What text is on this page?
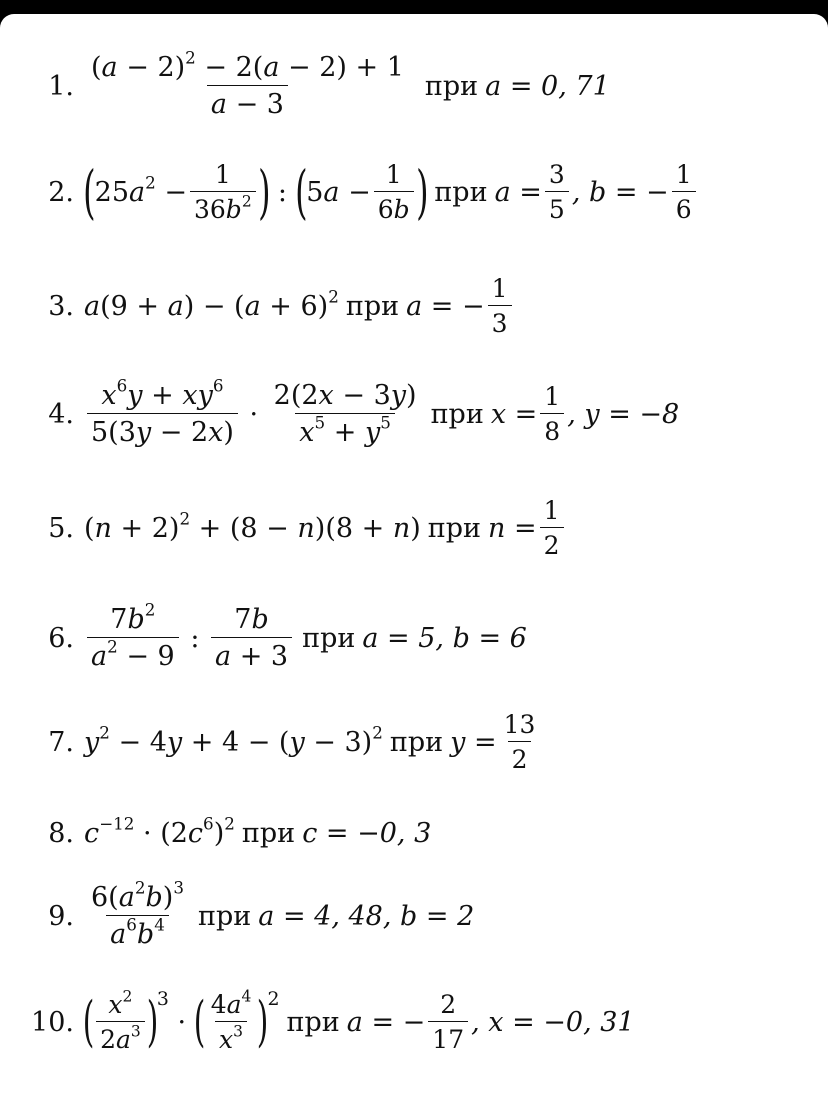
1. $\frac{(a - 2)^2 - 2(a - 2) + 1}{a - 3}$ при a = 0, 71
2. ( $25a^2 - \frac{1}{36b^2}$ ) : ( $5a - \frac{1}{6b}$ ) при $a = \frac{3}{5}$ , b = − $\frac{1}{6}$
3. $a(9 + a) - (a + 6)^2$ при a = − $\frac{1}{3}$
4. $\frac{x^6y + xy^6}{5(3y - 2x)} \cdot \frac{2(2x - 3y)}{x^5 + y^5}$ при $x = \frac{1}{8}$ , y = −8
5. $(n + 2)^2 + (8 - n)(8 + n)$ при $n = \frac{1}{2}$
6. $\frac{7b^2}{a^2 - 9}$ : $\frac{7b}{a + 3}$ при a = 5, b = 6
7. $y^2 - 4y + 4 - (y - 3)^2$ при $y = \frac{13}{2}$
8. $c^{-12} \cdot (2c^6)^2$ при c = −0, 3
9. $\frac{6(a^2b)^3}{a^6b^4}$ при a = 4, 48, b = 2
10. ( $\frac{x^2}{2a^3}$ )
3
·
( $\frac{4a^4}{x^3}$ )
2
при a = − $\frac{2}{17}$ , x = −0, 31
